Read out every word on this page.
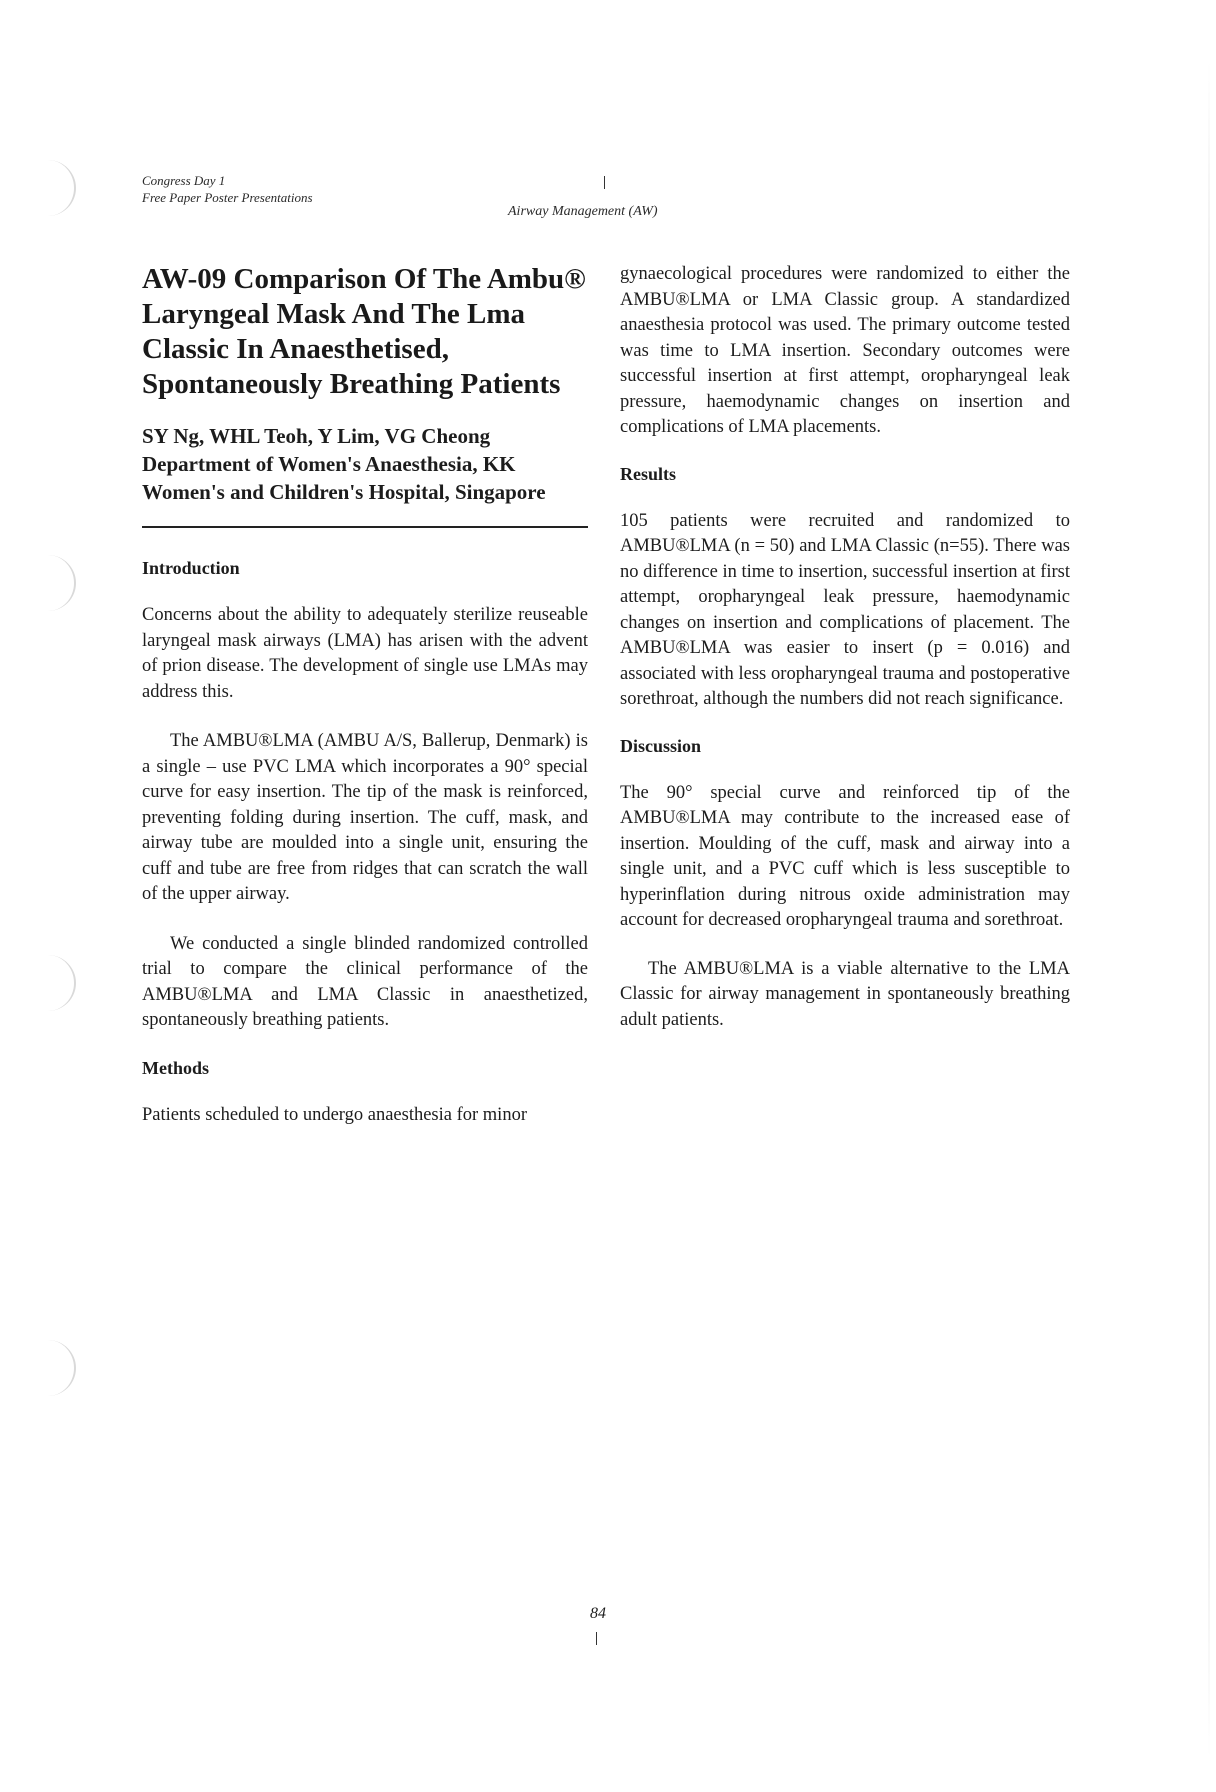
Congress Day 1
Free Paper Poster Presentations
Airway Management (AW)
AW-09 Comparison Of The Ambu® Laryngeal Mask And The Lma Classic In Anaesthetised, Spontaneously Breathing Patients
SY Ng, WHL Teoh, Y Lim, VG Cheong
Department of Women's Anaesthesia, KK Women's and Children's Hospital, Singapore
Introduction

Concerns about the ability to adequately sterilize reuseable laryngeal mask airways (LMA) has arisen with the advent of prion disease. The development of single use LMAs may address this.

The AMBU®LMA (AMBU A/S, Ballerup, Denmark) is a single – use PVC LMA which incorporates a 90° special curve for easy insertion. The tip of the mask is reinforced, preventing folding during insertion. The cuff, mask, and airway tube are moulded into a single unit, ensuring the cuff and tube are free from ridges that can scratch the wall of the upper airway.

We conducted a single blinded randomized controlled trial to compare the clinical performance of the AMBU®LMA and LMA Classic in anaesthetized, spontaneously breathing patients.

Methods

Patients scheduled to undergo anaesthesia for minor

gynaecological procedures were randomized to either the AMBU®LMA or LMA Classic group. A standardized anaesthesia protocol was used. The primary outcome tested was time to LMA insertion. Secondary outcomes were successful insertion at first attempt, oropharyngeal leak pressure, haemodynamic changes on insertion and complications of LMA placements.

Results

105 patients were recruited and randomized to AMBU®LMA (n = 50) and LMA Classic (n=55). There was no difference in time to insertion, successful insertion at first attempt, oropharyngeal leak pressure, haemodynamic changes on insertion and complications of placement. The AMBU®LMA was easier to insert (p = 0.016) and associated with less oropharyngeal trauma and postoperative sorethroat, although the numbers did not reach significance.

Discussion

The 90° special curve and reinforced tip of the AMBU®LMA may contribute to the increased ease of insertion. Moulding of the cuff, mask and airway into a single unit, and a PVC cuff which is less susceptible to hyperinflation during nitrous oxide administration may account for decreased oropharyngeal trauma and sorethroat.

The AMBU®LMA is a viable alternative to the LMA Classic for airway management in spontaneously breathing adult patients.

84
